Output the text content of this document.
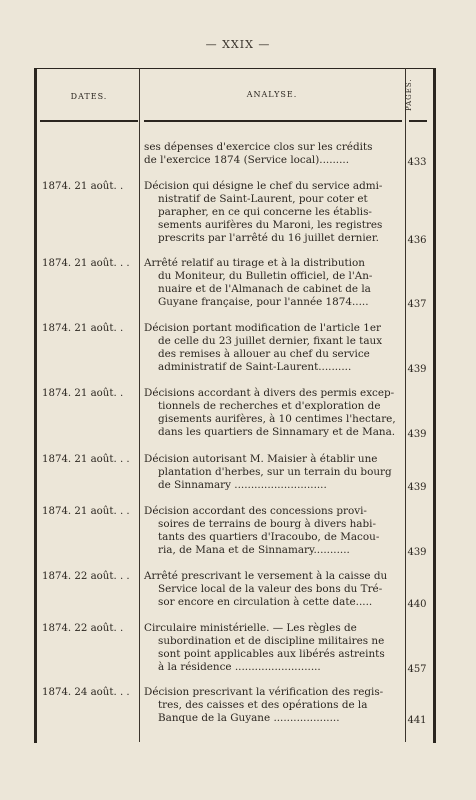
— XXIX —
DATES.	ANALYSE.	PAGES.
ses dépenses d'exercice clos sur les crédits
de l'exercice 1874 (Service local).........	433
1874. 21 août. .	Décision qui désigne le chef du service admi-
nistratif de Saint-Laurent, pour coter et
parapher, en ce qui concerne les établis-
sements aurifères du Maroni, les registres
prescrits par l'arrêté du 16 juillet dernier.	436
1874. 21 août. . .	Arrêté relatif au tirage et à la distribution
du Moniteur, du Bulletin officiel, de l'An-
nuaire et de l'Almanach de cabinet de la
Guyane française, pour l'année 1874.....	437
1874. 21 août. .	Décision portant modification de l'article 1er
de celle du 23 juillet dernier, fixant le taux
des remises à allouer au chef du service
administratif de Saint-Laurent..........	439
1874. 21 août. .	Décisions accordant à divers des permis excep-
tionnels de recherches et d'exploration de
gisements aurifères, à 10 centimes l'hectare,
dans les quartiers de Sinnamary et de Mana.	439
1874. 21 août. . .	Décision autorisant M. Maisier à établir une
plantation d'herbes, sur un terrain du bourg
de Sinnamary ............................	439
1874. 21 août. . .	Décision accordant des concessions provi-
soires de terrains de bourg à divers habi-
tants des quartiers d'Iracoubo, de Macou-
ria, de Mana et de Sinnamary...........	439
1874. 22 août. . .	Arrêté prescrivant le versement à la caisse du
Service local de la valeur des bons du Tré-
sor encore en circulation à cette date.....	440
1874. 22 août. .	Circulaire ministérielle. — Les règles de
subordination et de discipline militaires ne
sont point applicables aux libérés astreints
à la résidence ..........................	457
1874. 24 août. . .	Décision prescrivant la vérification des regis-
tres, des caisses et des opérations de la
Banque de la Guyane ....................	441
